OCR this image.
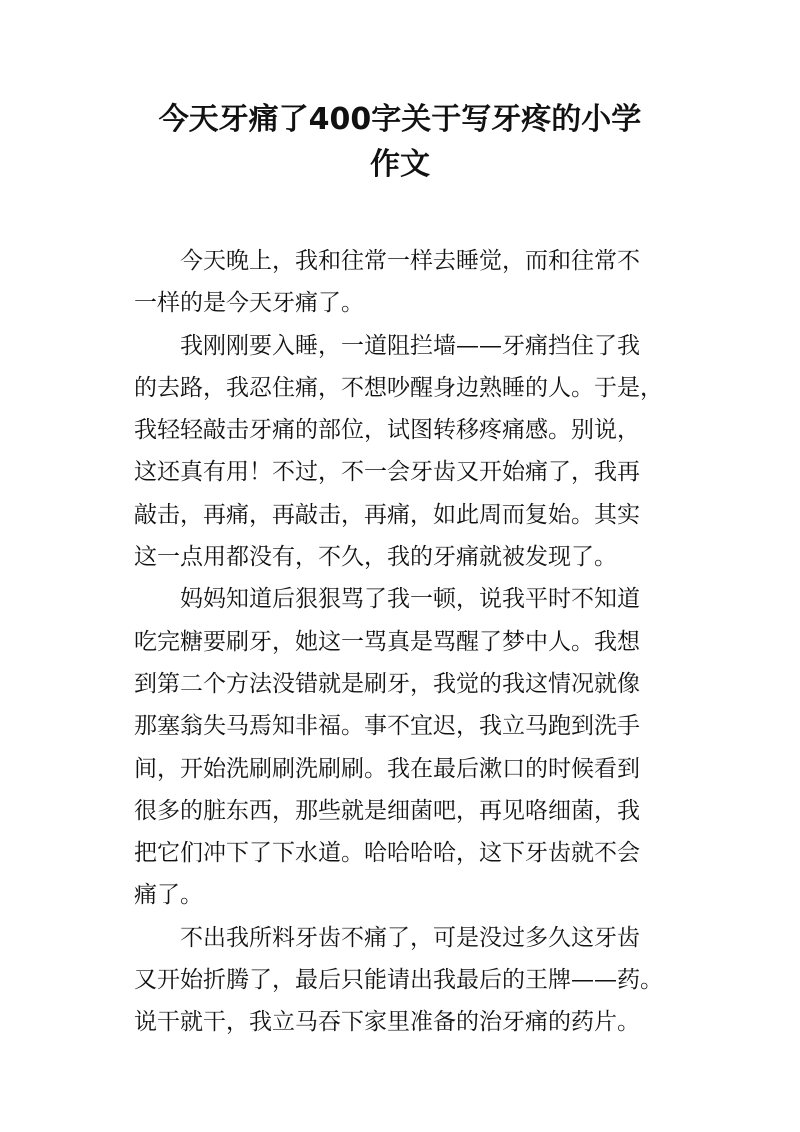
今天牙痛了400字关于写牙疼的小学
作文
今天晚上，我和往常一样去睡觉，而和往常不
一样的是今天牙痛了。
我刚刚要入睡，一道阻拦墙——牙痛挡住了我
的去路，我忍住痛，不想吵醒身边熟睡的人。于是，
我轻轻敲击牙痛的部位，试图转移疼痛感。别说，
这还真有用！不过，不一会牙齿又开始痛了，我再
敲击，再痛，再敲击，再痛，如此周而复始。其实
这一点用都没有，不久，我的牙痛就被发现了。
妈妈知道后狠狠骂了我一顿，说我平时不知道
吃完糖要刷牙，她这一骂真是骂醒了梦中人。我想
到第二个方法没错就是刷牙，我觉的我这情况就像
那塞翁失马焉知非福。事不宜迟，我立马跑到洗手
间，开始洗刷刷洗刷刷。我在最后漱口的时候看到
很多的脏东西，那些就是细菌吧，再见咯细菌，我
把它们冲下了下水道。哈哈哈哈，这下牙齿就不会
痛了。
不出我所料牙齿不痛了，可是没过多久这牙齿
又开始折腾了，最后只能请出我最后的王牌——药。
说干就干，我立马吞下家里准备的治牙痛的药片。
